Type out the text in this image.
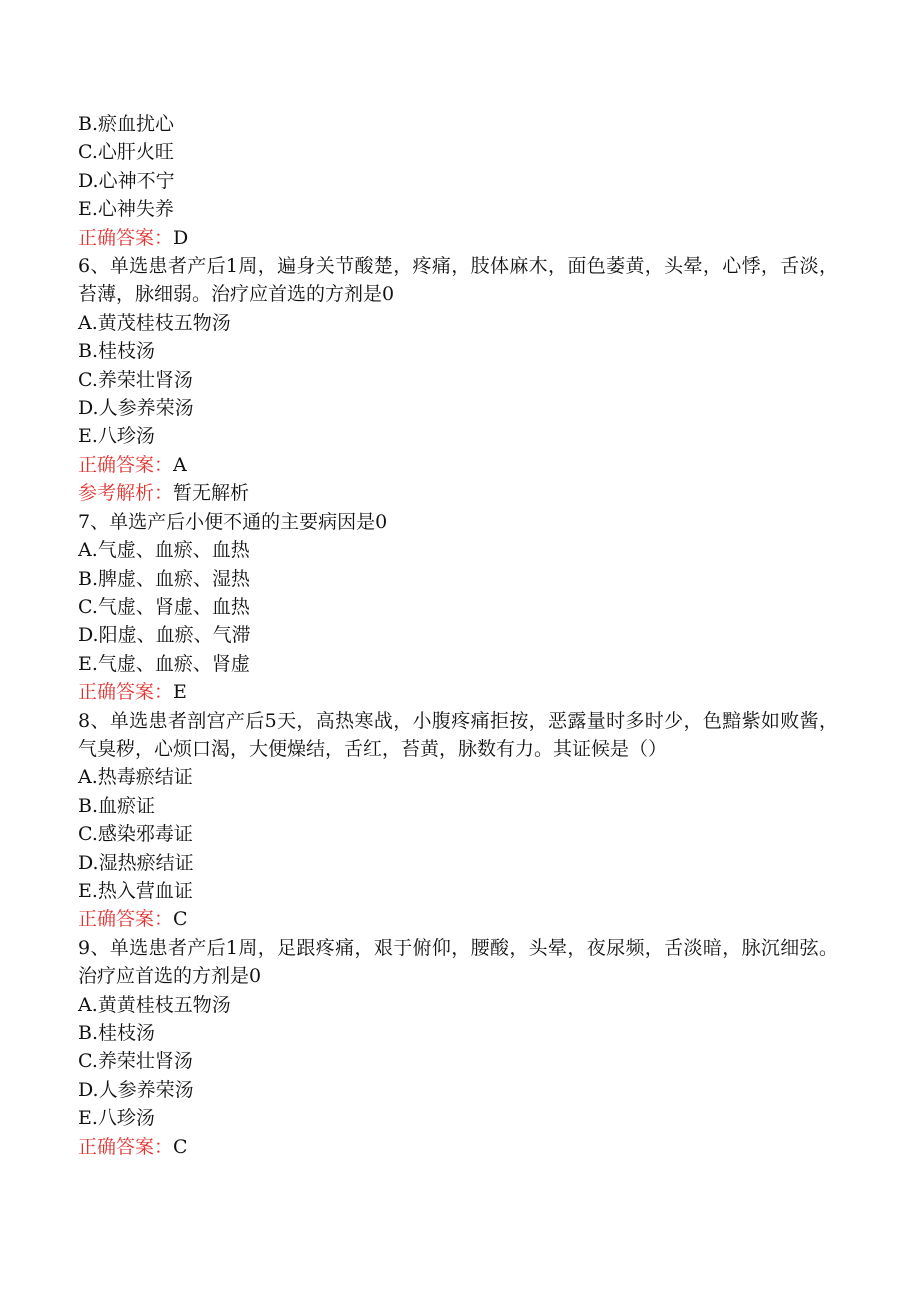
B.瘀血扰心
C.心肝火旺
D.心神不宁
E.心神失养
正确答案：D
6、单选患者产后1周，遍身关节酸楚，疼痛，肢体麻木，面色萎黄，头晕，心悸，舌淡，苔薄，脉细弱。治疗应首选的方剂是0
A.黄茂桂枝五物汤
B.桂枝汤
C.养荣壮肾汤
D.人参养荣汤
E.八珍汤
正确答案：A
参考解析：暂无解析
7、单选产后小便不通的主要病因是0
A.气虚、血瘀、血热
B.脾虚、血瘀、湿热
C.气虚、肾虚、血热
D.阳虚、血瘀、气滞
E.气虚、血瘀、肾虚
正确答案：E
8、单选患者剖宫产后5天，高热寒战，小腹疼痛拒按，恶露量时多时少，色黯紫如败酱，气臭秽，心烦口渴，大便燥结，舌红，苔黄，脉数有力。其证候是（）
A.热毒瘀结证
B.血瘀证
C.感染邪毒证
D.湿热瘀结证
E.热入营血证
正确答案：C
9、单选患者产后1周，足跟疼痛，艰于俯仰，腰酸，头晕，夜尿频，舌淡暗，脉沉细弦。治疗应首选的方剂是0
A.黄黄桂枝五物汤
B.桂枝汤
C.养荣壮肾汤
D.人参养荣汤
E.八珍汤
正确答案：C
